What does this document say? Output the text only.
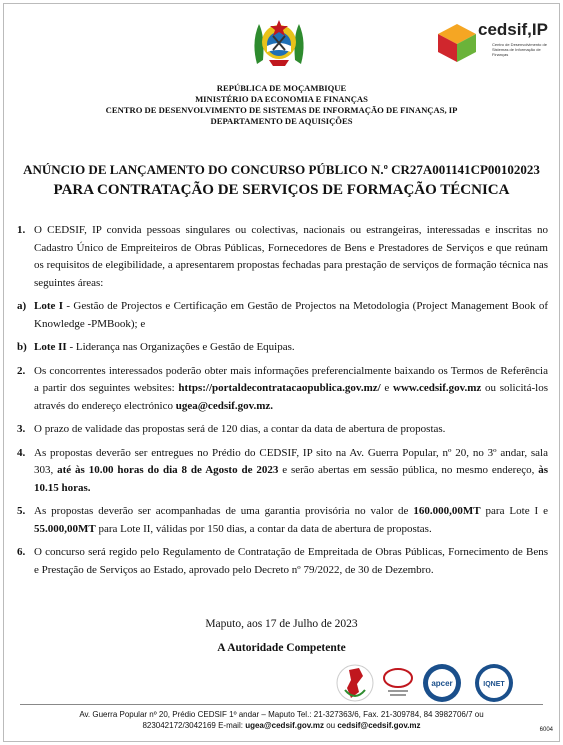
cedsif,IP
Centro de Desenvolvimento de Sistemas de Informação de Finanças
REPÚBLICA DE MOÇAMBIQUE
MINISTÉRIO DA ECONOMIA E FINANÇAS
CENTRO DE DESENVOLVIMENTO DE SISTEMAS DE INFORMAÇÃO DE FINANÇAS, IP
DEPARTAMENTO DE AQUISIÇÕES
ANÚNCIO DE LANÇAMENTO DO CONCURSO PÚBLICO N.º CR27A001141CP00102023
PARA CONTRATAÇÃO DE SERVIÇOS DE FORMAÇÃO TÉCNICA
1. O CEDSIF, IP convida pessoas singulares ou colectivas, nacionais ou estrangeiras, interessadas e inscritas no Cadastro Único de Empreiteiros de Obras Públicas, Fornecedores de Bens e Prestadores de Serviços e que reúnam os requisitos de elegibilidade, a apresentarem propostas fechadas para prestação de serviços de formação técnica nas seguintes áreas:
a) Lote I - Gestão de Projectos e Certificação em Gestão de Projectos na Metodologia (Project Management Book of Knowledge -PMBook); e
b) Lote II - Liderança nas Organizações e Gestão de Equipas.
2. Os concorrentes interessados poderão obter mais informações preferencialmente baixando os Termos de Referência a partir dos seguintes websites: https://portaldecontratacaopublica.gov.mz/ e www.cedsif.gov.mz ou solicitá-los através do endereço electrónico ugea@cedsif.gov.mz.
3. O prazo de validade das propostas será de 120 dias, a contar da data de abertura de propostas.
4. As propostas deverão ser entregues no Prédio do CEDSIF, IP sito na Av. Guerra Popular, nº 20, no 3º andar, sala 303, até às 10.00 horas do dia 8 de Agosto de 2023 e serão abertas em sessão pública, no mesmo endereço, às 10.15 horas.
5. As propostas deverão ser acompanhadas de uma garantia provisória no valor de 160.000,00MT para Lote I e 55.000,00MT para Lote II, válidas por 150 dias, a contar da data de abertura de propostas.
6. O concurso será regido pelo Regulamento de Contratação de Empreitada de Obras Públicas, Fornecimento de Bens e Prestação de Serviços ao Estado, aprovado pelo Decreto nº 79/2022, de 30 de Dezembro.
Maputo, aos 17 de Julho de 2023
A Autoridade Competente
apcer	IQNET
Av. Guerra Popular nº 20, Prédio CEDSIF 1º andar – Maputo Tel.: 21-327363/6, Fax. 21-309784, 84 3982706/7 ou
823042172/3042169 E-mail: ugea@cedsif.gov.mz ou cedsif@cedsif.gov.mz	6004
